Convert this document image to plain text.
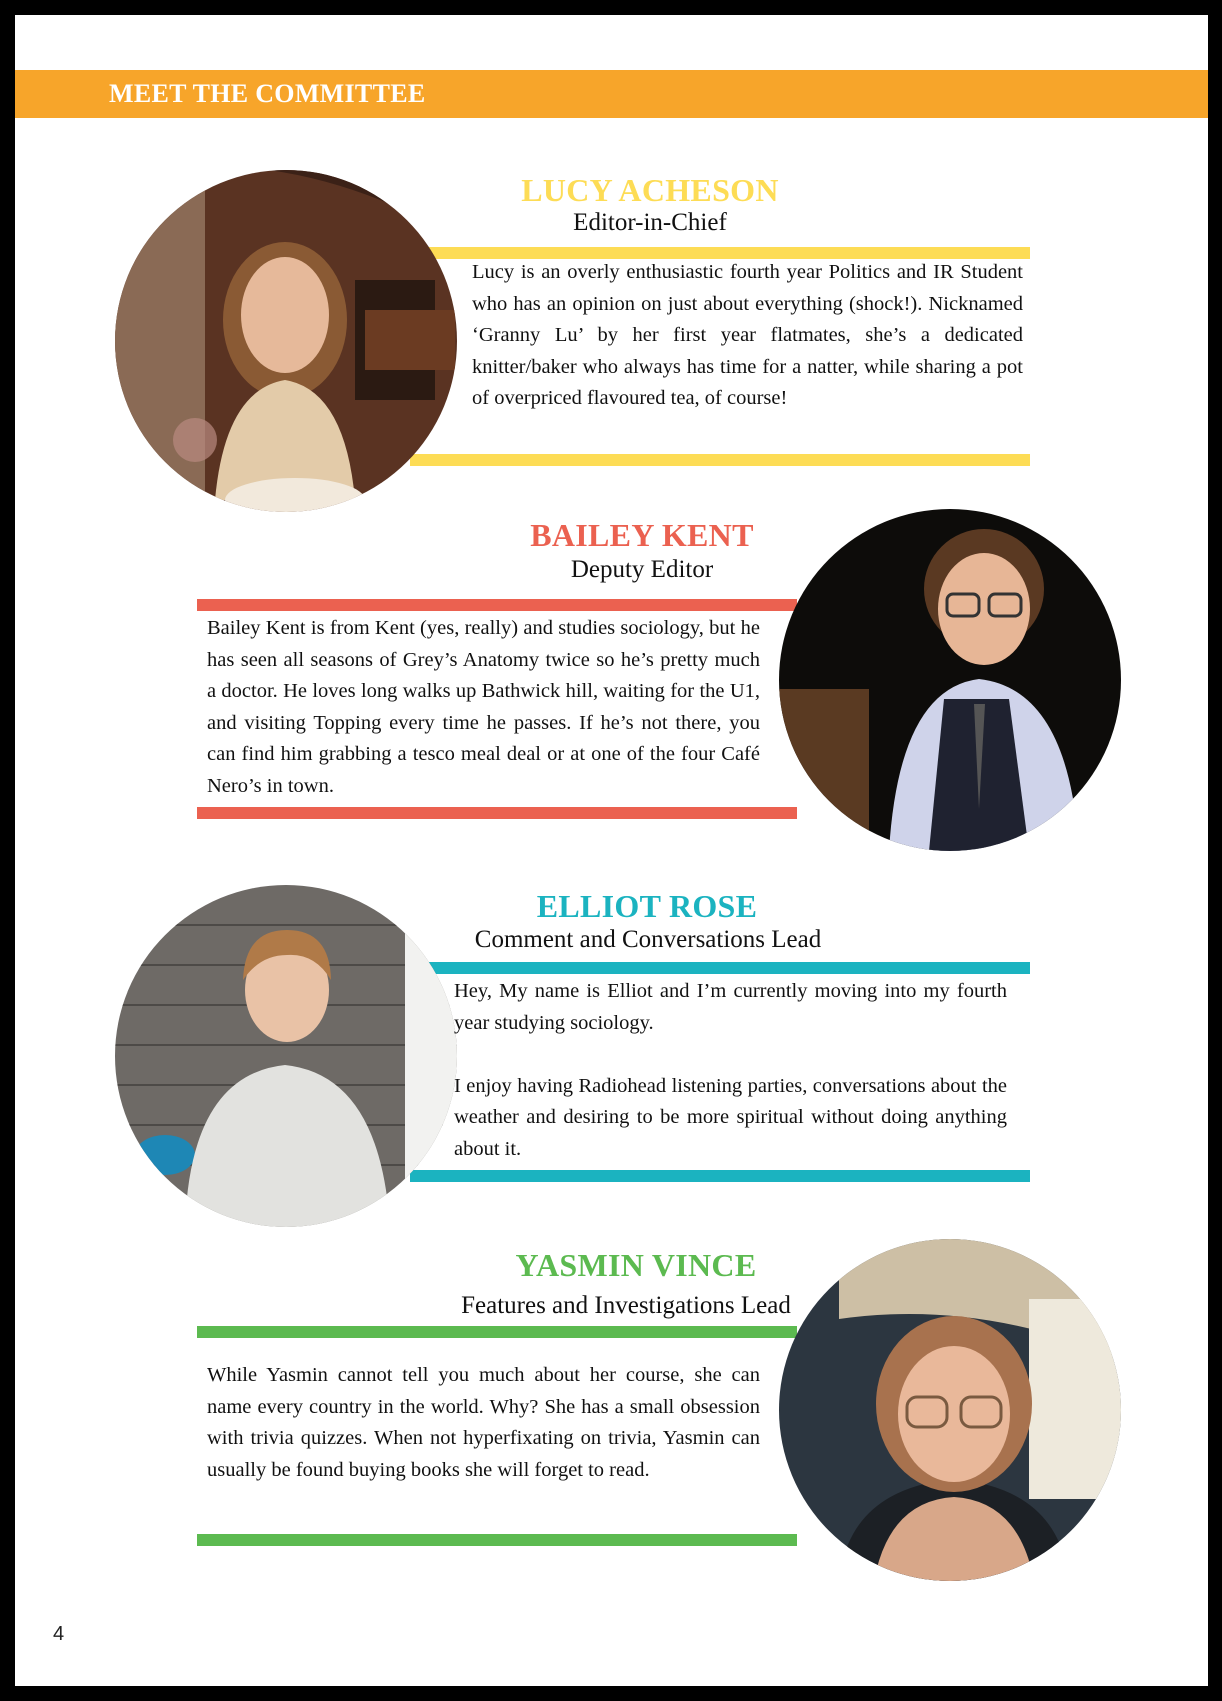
MEET THE COMMITTEE
LUCY ACHESON
Editor-in-Chief

Lucy is an overly enthusiastic fourth year Politics and IR Student who has an opinion on just about everything (shock!). Nicknamed ‘Granny Lu’ by her first year flatmates, she’s a dedicated knitter/baker who always has time for a natter, while sharing a pot of overpriced flavoured tea, of course!

BAILEY KENT
Deputy Editor

Bailey Kent is from Kent (yes, really) and studies sociology, but he has seen all seasons of Grey’s Anatomy twice so he’s pretty much a doctor. He loves long walks up Bathwick hill, waiting for the U1, and visiting Topping every time he passes. If he’s not there, you can find him grabbing a tesco meal deal or at one of the four Café Nero’s in town.

ELLIOT ROSE
Comment and Conversations Lead

Hey, My name is Elliot and I’m currently moving into my fourth year studying sociology.

I enjoy having Radiohead listening parties, conversations about the weather and desiring to be more spiritual without doing anything about it.

YASMIN VINCE
Features and Investigations Lead

While Yasmin cannot tell you much about her course, she can name every country in the world. Why? She has a small obsession with trivia quizzes. When not hyperfixating on trivia, Yasmin can usually be found buying books she will forget to read.

4
